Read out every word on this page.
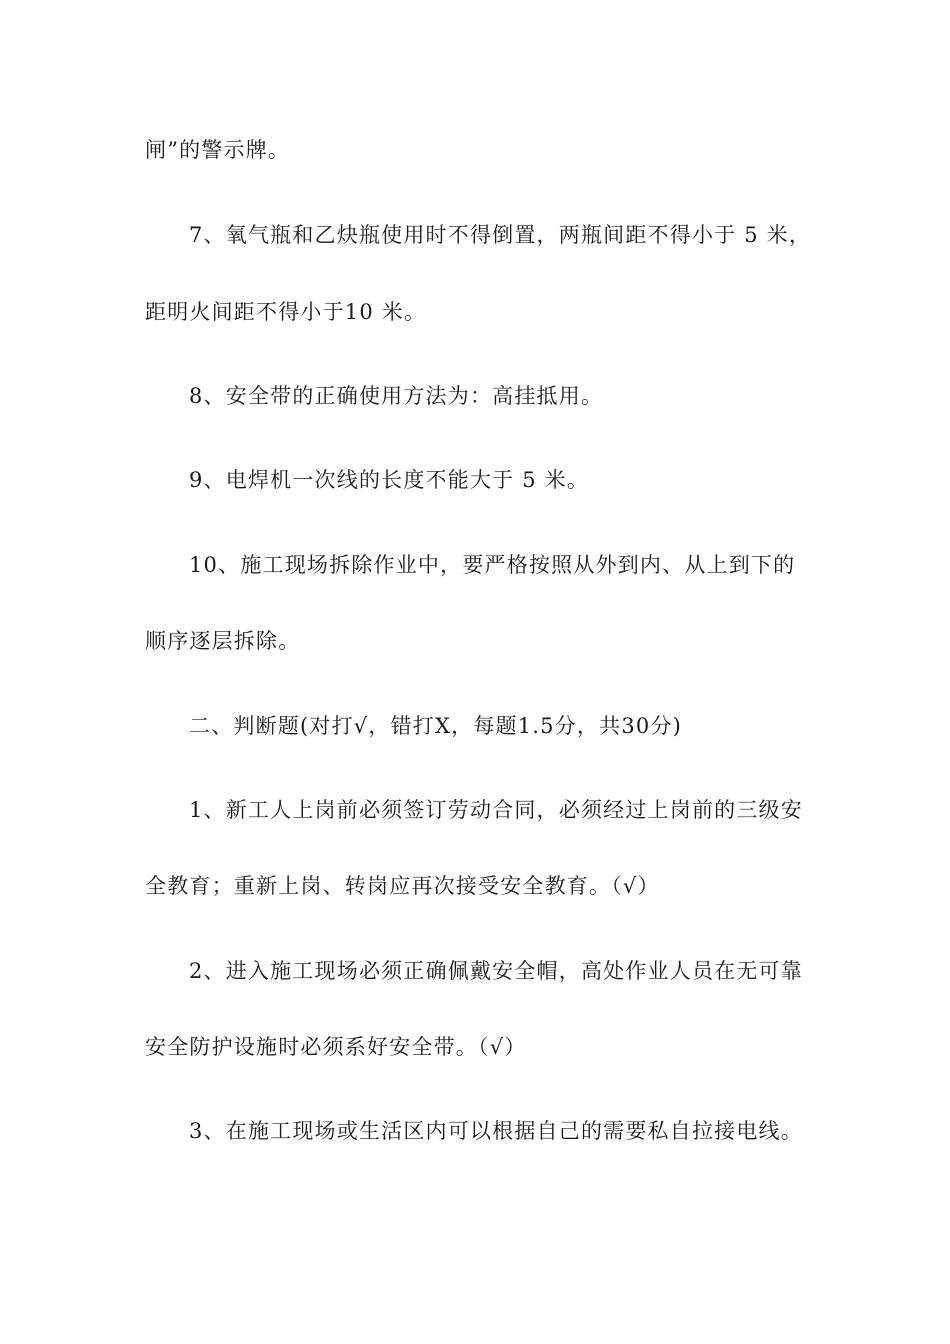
闸”的警示牌。
7、氧气瓶和乙炔瓶使用时不得倒置，两瓶间距不得小于 5 米，
距明火间距不得小于10 米。
8、安全带的正确使用方法为：高挂抵用。
9、电焊机一次线的长度不能大于 5 米。
10、施工现场拆除作业中，要严格按照从外到内、从上到下的
顺序逐层拆除。
二、判断题(对打√，错打X，每题1.5分，共30分)
1、新工人上岗前必须签订劳动合同，必须经过上岗前的三级安
全教育；重新上岗、转岗应再次接受安全教育。（√）
2、进入施工现场必须正确佩戴安全帽，高处作业人员在无可靠
安全防护设施时必须系好安全带。（√）
3、在施工现场或生活区内可以根据自己的需要私自拉接电线。
